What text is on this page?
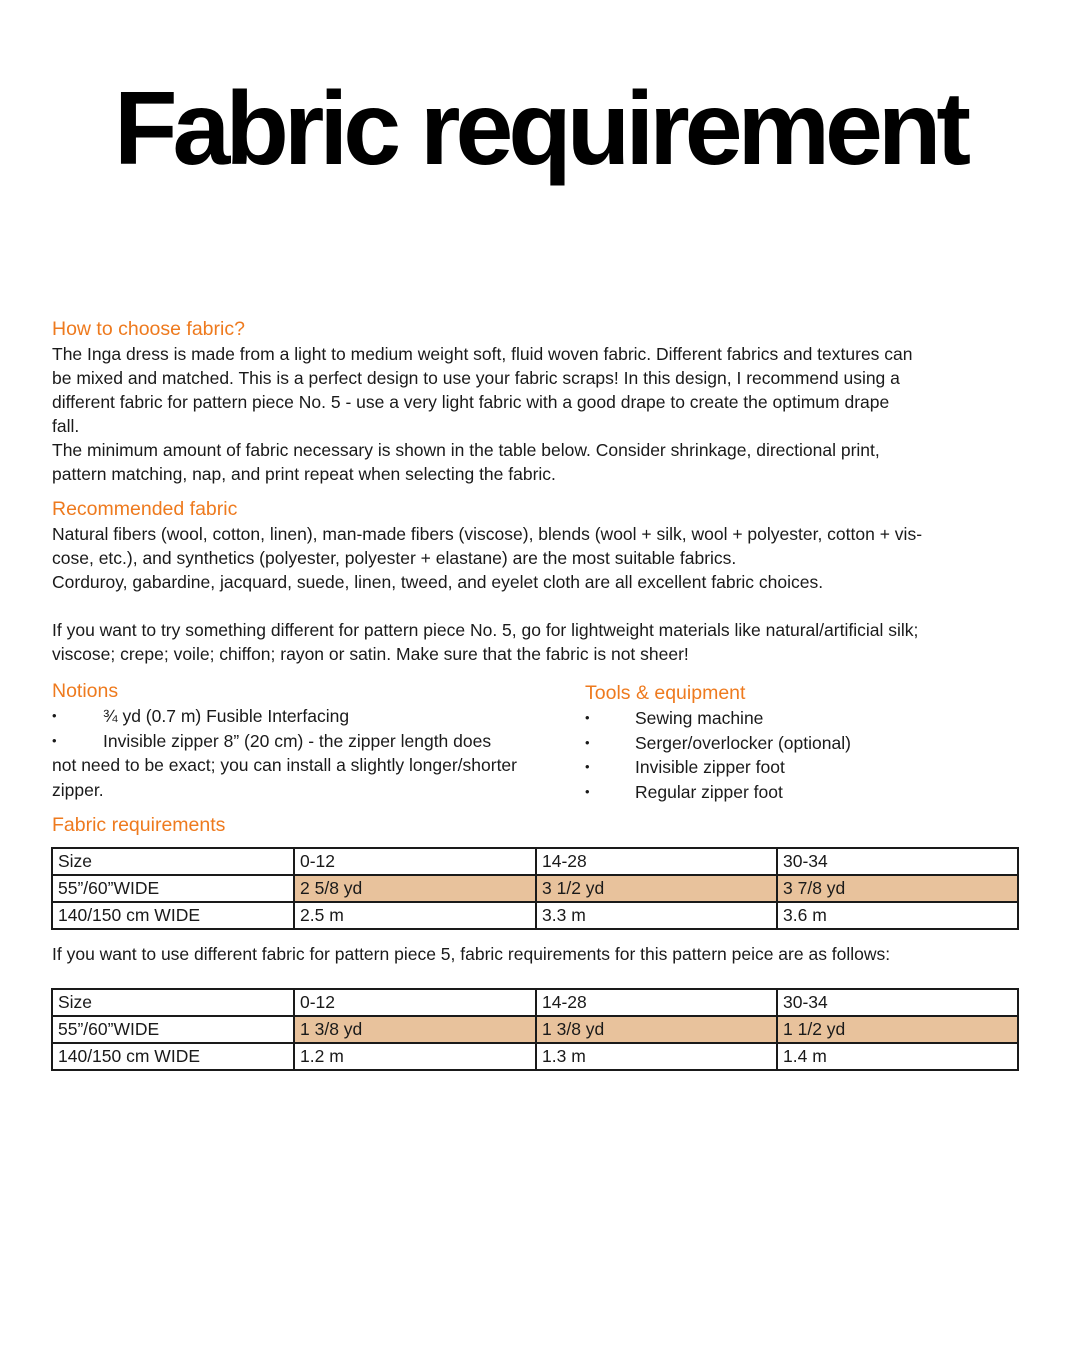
Fabric requirement
How to choose fabric?

The Inga dress is made from a light to medium weight soft, fluid woven fabric. Different fabrics and textures can

be mixed and matched. This is a perfect design to use your fabric scraps! In this design, I recommend using a

different fabric for pattern piece No. 5 - use a very light fabric with a good drape to create the optimum drape

fall.

The minimum amount of fabric necessary is shown in the table below. Consider shrinkage, directional print,

pattern matching, nap, and print repeat when selecting the fabric.

Recommended fabric

Natural fibers (wool, cotton, linen), man-made fibers (viscose), blends (wool + silk, wool + polyester, cotton + vis-

cose, etc.), and synthetics (polyester, polyester + elastane) are the most suitable fabrics.

Corduroy, gabardine, jacquard, suede, linen, tweed, and eyelet cloth are all excellent fabric choices.

If you want to try something different for pattern piece No. 5, go for lightweight materials like natural/artificial silk;

viscose; crepe; voile; chiffon; rayon or satin. Make sure that the fabric is not sheer!

Notions
• ¾ yd (0.7 m) Fusible Interfacing
• Invisible zipper 8” (20 cm) - the zipper length does

not need to be exact; you can install a slightly longer/shorter

zipper.

Tools & equipment
• Sewing machine
• Serger/overlocker (optional)
• Invisible zipper foot
• Regular zipper foot
Fabric requirements
Size	0-12	14-28	30-34
55”/60”WIDE	2 5/8 yd	3 1/2 yd	3 7/8 yd
140/150 cm WIDE	2.5 m	3.3 m	3.6 m

If you want to use different fabric for pattern piece 5, fabric requirements for this pattern peice are as follows:

Size	0-12	14-28	30-34
55”/60”WIDE	1 3/8 yd	1 3/8 yd	1 1/2 yd
140/150 cm WIDE	1.2 m	1.3 m	1.4 m
